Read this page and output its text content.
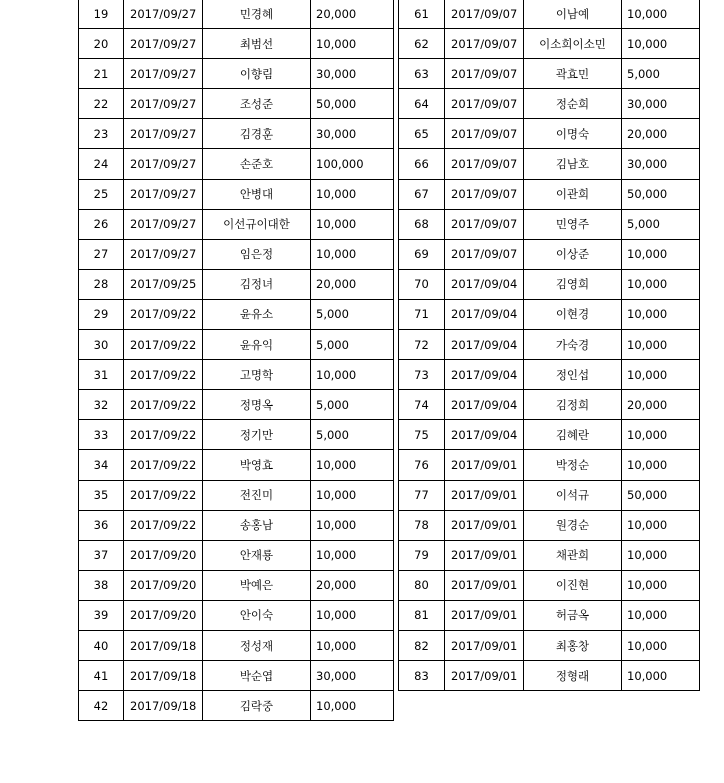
19	2017/09/27	민경혜	20,000
20	2017/09/27	최범선	10,000
21	2017/09/27	이향림	30,000
22	2017/09/27	조성준	50,000
23	2017/09/27	김경훈	30,000
24	2017/09/27	손준호	100,000
25	2017/09/27	안병대	10,000
26	2017/09/27	이선규이대한	10,000
27	2017/09/27	임은정	10,000
28	2017/09/25	김정녀	20,000
29	2017/09/22	윤유소	5,000
30	2017/09/22	윤유익	5,000
31	2017/09/22	고명학	10,000
32	2017/09/22	정명옥	5,000
33	2017/09/22	정기만	5,000
34	2017/09/22	박영효	10,000
35	2017/09/22	전진미	10,000
36	2017/09/22	송홍남	10,000
37	2017/09/20	안재룡	10,000
38	2017/09/20	박예은	20,000
39	2017/09/20	안이숙	10,000
40	2017/09/18	정성재	10,000
41	2017/09/18	박순엽	30,000
42	2017/09/18	김락중	10,000
61	2017/09/07	이남예	10,000
62	2017/09/07	이소희이소민	10,000
63	2017/09/07	곽효민	5,000
64	2017/09/07	정순희	30,000
65	2017/09/07	이명숙	20,000
66	2017/09/07	김남호	30,000
67	2017/09/07	이관희	50,000
68	2017/09/07	민영주	5,000
69	2017/09/07	이상준	10,000
70	2017/09/04	김영희	10,000
71	2017/09/04	이현경	10,000
72	2017/09/04	가숙경	10,000
73	2017/09/04	정인섭	10,000
74	2017/09/04	김정희	20,000
75	2017/09/04	김혜란	10,000
76	2017/09/01	박정순	10,000
77	2017/09/01	이석규	50,000
78	2017/09/01	원경순	10,000
79	2017/09/01	채관희	10,000
80	2017/09/01	이진현	10,000
81	2017/09/01	허금옥	10,000
82	2017/09/01	최홍창	10,000
83	2017/09/01	정형래	10,000
